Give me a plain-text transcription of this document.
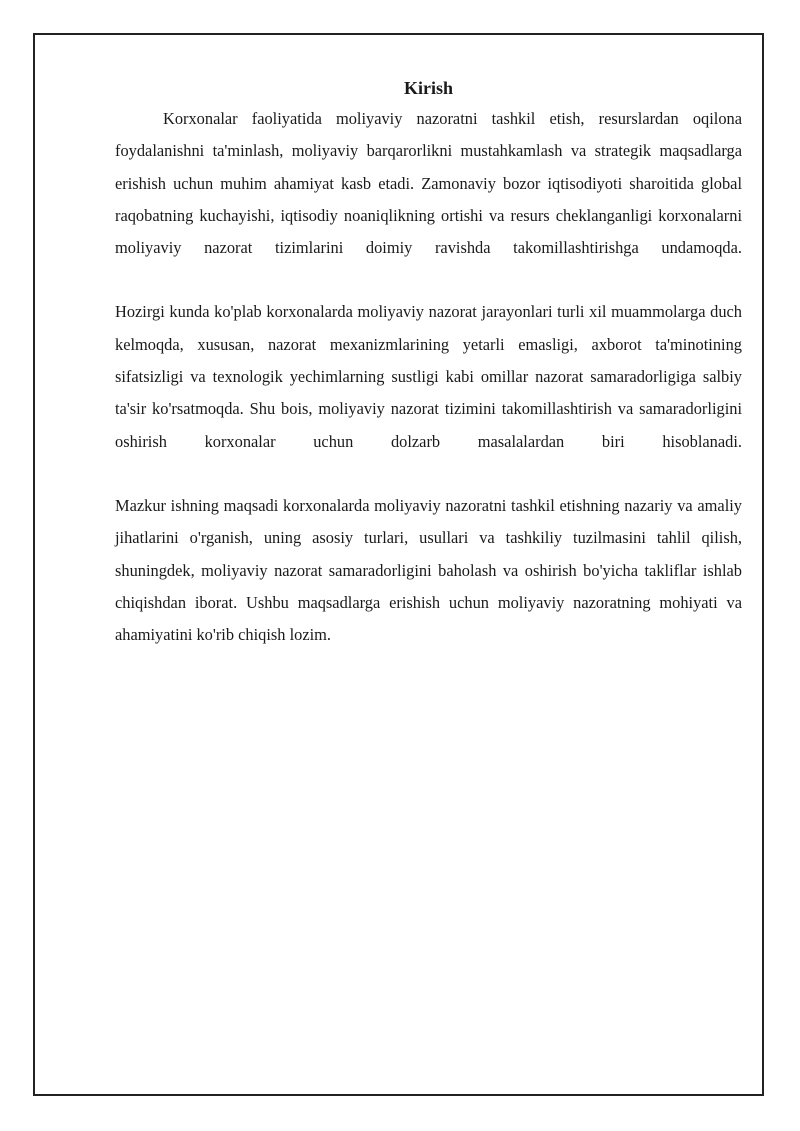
Kirish

Korxonalar faoliyatida moliyaviy nazoratni tashkil etish, resurslardan oqilona foydalanishni ta'minlash, moliyaviy barqarorlikni mustahkamlash va strategik maqsadlarga erishish uchun muhim ahamiyat kasb etadi. Zamonaviy bozor iqtisodiyoti sharoitida global raqobatning kuchayishi, iqtisodiy noaniqlikning ortishi va resurs cheklanganligi korxonalarni moliyaviy nazorat tizimlarini doimiy ravishda takomillashtirishga undamoqda.

Hozirgi kunda ko'plab korxonalarda moliyaviy nazorat jarayonlari turli xil muammolarga duch kelmoqda, xususan, nazorat mexanizmlarining yetarli emasligi, axborot ta'minotining sifatsizligi va texnologik yechimlarning sustligi kabi omillar nazorat samaradorligiga salbiy ta'sir ko'rsatmoqda. Shu bois, moliyaviy nazorat tizimini takomillashtirish va samaradorligini oshirish korxonalar uchun dolzarb masalalardan biri hisoblanadi.

Mazkur ishning maqsadi korxonalarda moliyaviy nazoratni tashkil etishning nazariy va amaliy jihatlarini o'rganish, uning asosiy turlari, usullari va tashkiliy tuzilmasini tahlil qilish, shuningdek, moliyaviy nazorat samaradorligini baholash va oshirish bo'yicha takliflar ishlab chiqishdan iborat. Ushbu maqsadlarga erishish uchun moliyaviy nazoratning mohiyati va ahamiyatini ko'rib chiqish lozim.
